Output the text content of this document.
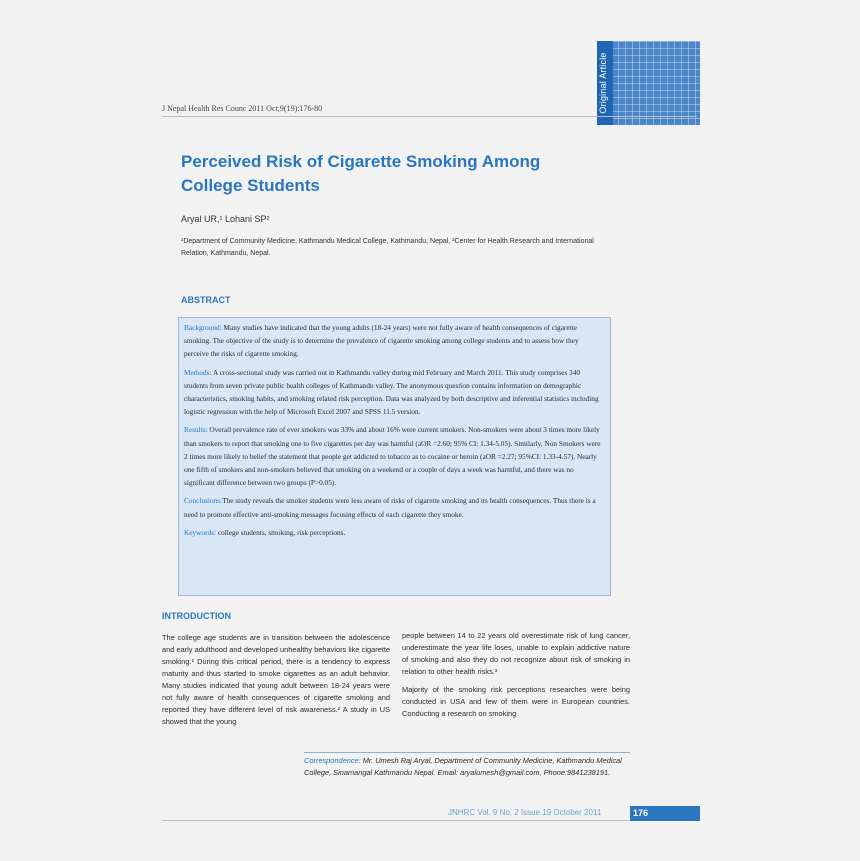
Original Article
J Nepal Health Res Counc 2011 Oct;9(19):176-80
Perceived Risk of Cigarette Smoking Among College Students
Aryal UR,¹ Lohani SP²
¹Department of Community Medicine, Kathmandu Medical College, Kathmandu, Nepal, ²Center for Health Research and International Relation, Kathmandu, Nepal.
ABSTRACT

Background: Many studies have indicated that the young adults (18-24 years) were not fully aware of health consequences of cigarette smoking. The objective of the study is to determine the prevalence of cigarette smoking among college students and to assess how they perceive the risks of cigarette smoking.

Methods: A cross-sectional study was carried out in Kathmandu valley during mid February and March 2011. This study comprises 340 students from seven private public health colleges of Kathmandu valley. The anonymous question contains information on demographic characteristics, smoking habits, and smoking related risk perception. Data was analyzed by both descriptive and inferential statistics including logistic regression with the help of Microsoft Excel 2007 and SPSS 11.5 version.

Results: Overall prevalence rate of ever smokers was 33% and about 16% were current smokers. Non-smokers were about 3 times more likely than smokers to report that smoking one to five cigarettes per day was harmful (aOR =2.60; 95% CI: 1.34-5.05). Similarly, Non Smokers were 2 times more likely to belief the statement that people get addicted to tobacco as to cocaine or heroin (aOR =2.27; 95%CI: 1.33-4.57). Nearly one fifth of smokers and non-smokers believed that smoking on a weekend or a couple of days a week was harmful, and there was no significant difference between two groups (P>0.05).

Conclusions:The study reveals the smoker students were less aware of risks of cigarette smoking and its health consequences. Thus there is a need to promote effective anti-smoking messages focusing effects of each cigarette they smoke.

Keywords: college students, smoking, risk perceptions.

INTRODUCTION

The college age students are in transition between the adolescence and early adulthood and developed unhealthy behaviors like cigarette smoking.¹ During this critical period, there is a tendency to express maturity and thus started to smoke cigarettes as an adult behavior. Many studies indicated that young adult between 18-24 years were not fully aware of health consequences of cigarette smoking and reported they have different level of risk awareness.² A study in US showed that the young

people between 14 to 22 years old overestimate risk of lung cancer, underestimate the year life loses, unable to explain addictive nature of smoking and also they do not recognize about risk of smoking in relation to other health risks.³

Majority of the smoking risk perceptions researches were being conducted in USA and few of them were in European countries. Conducting a research on smoking

Correspondence: Mr. Umesh Raj Aryal, Department of Community Medicine, Kathmandu Medical College, Sinamangal Kathmandu Nepal. Email: aryalumesh@gmail.com, Phone:9841238191.
JNHRC Vol. 9 No. 2 Issue 19 October 2011	176
